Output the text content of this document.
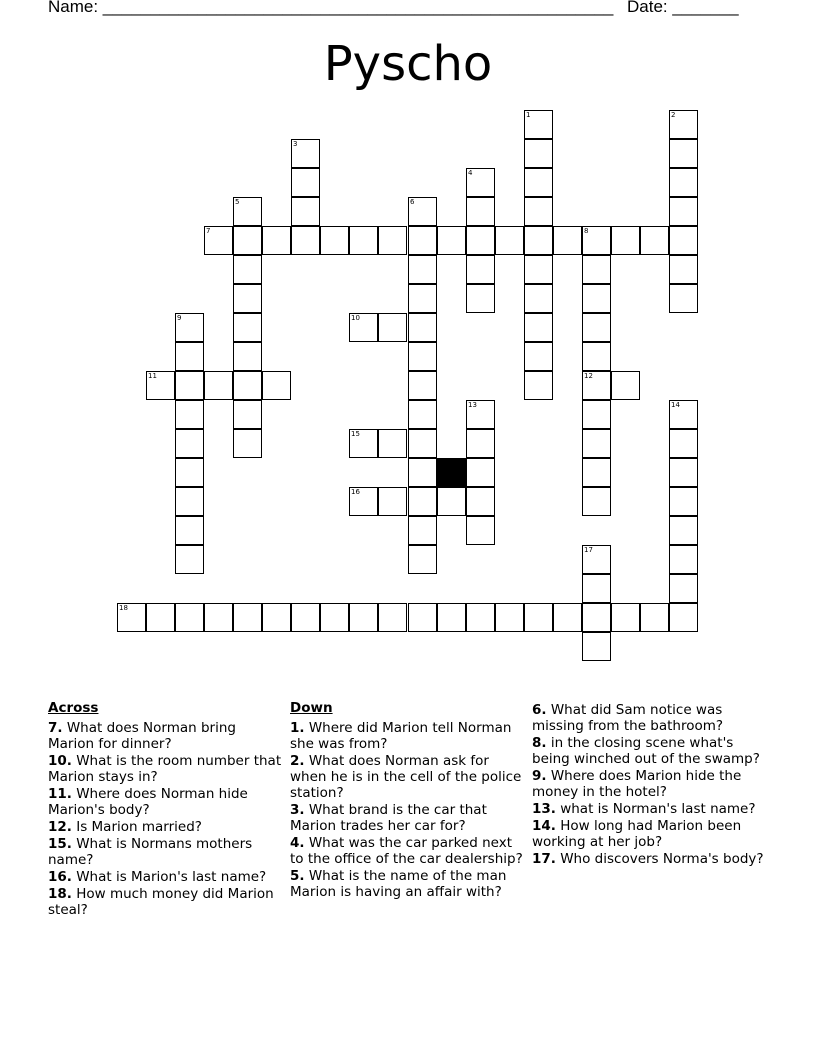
Name: ______________________________________________________ Date: _______
Pyscho
1	2
3
4
5	6
7	8
9	10
11	12
13	14
15
16
17
18
Across
7. What does Norman bring Marion for dinner?
10. What is the room number that Marion stays in?
11. Where does Norman hide Marion's body?
12. Is Marion married?
15. What is Normans mothers name?
16. What is Marion's last name?
18. How much money did Marion steal?
Down
1. Where did Marion tell Norman she was from?
2. What does Norman ask for when he is in the cell of the police station?
3. What brand is the car that Marion trades her car for?
4. What was the car parked next to the office of the car dealership?
5. What is the name of the man Marion is having an affair with?
6. What did Sam notice was missing from the bathroom?
8. in the closing scene what's being winched out of the swamp?
9. Where does Marion hide the money in the hotel?
13. what is Norman's last name?
14. How long had Marion been working at her job?
17. Who discovers Norma's body?
